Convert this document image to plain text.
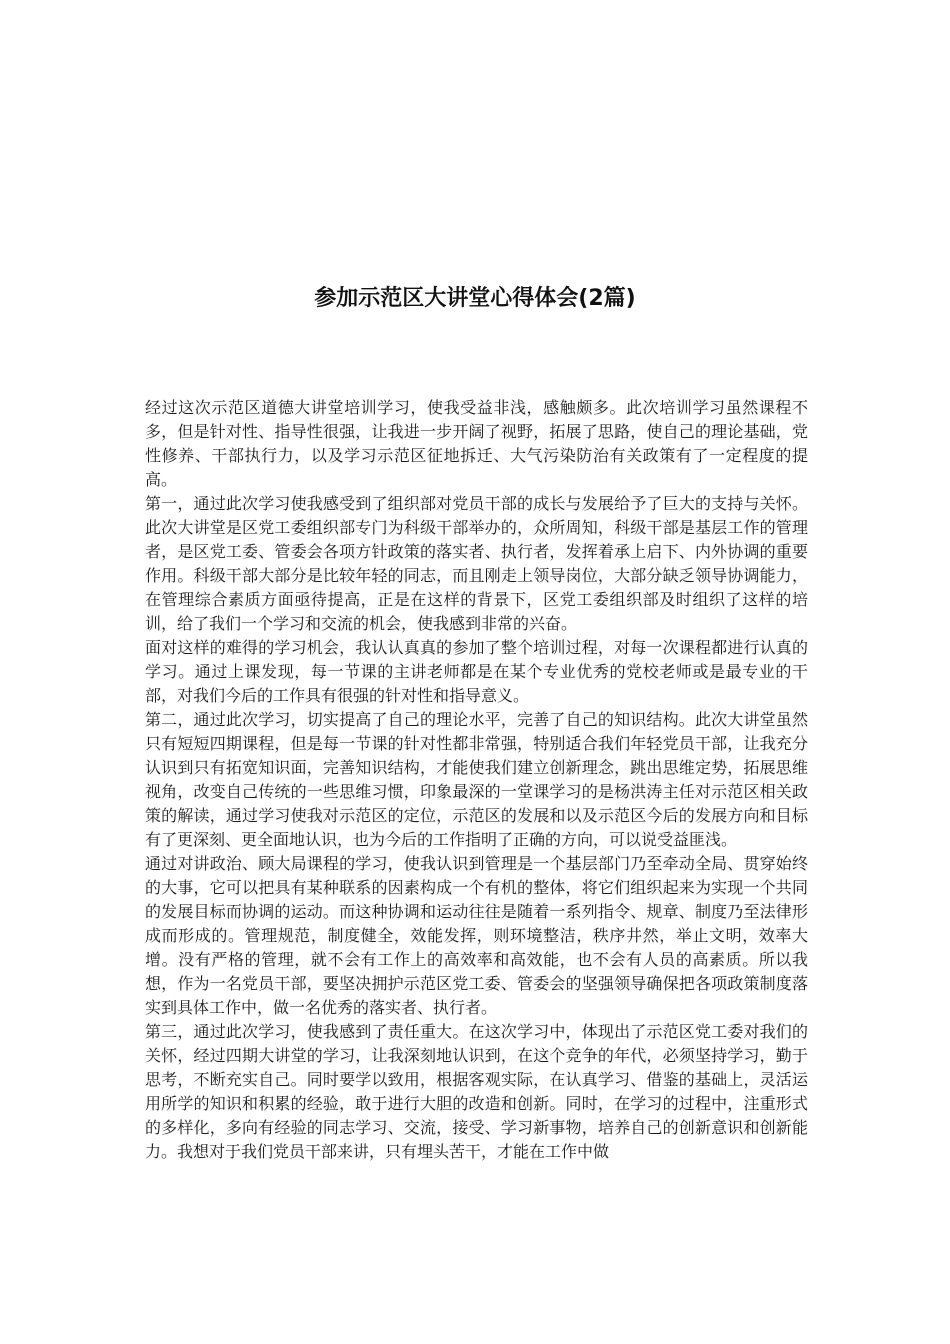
参加示范区大讲堂心得体会(2篇)

经过这次示范区道德大讲堂培训学习，使我受益非浅，感触颇多。此次培训学习虽然课程不多，但是针对性、指导性很强，让我进一步开阔了视野，拓展了思路，使自己的理论基础，党性修养、干部执行力，以及学习示范区征地拆迁、大气污染防治有关政策有了一定程度的提高。

第一，通过此次学习使我感受到了组织部对党员干部的成长与发展给予了巨大的支持与关怀。此次大讲堂是区党工委组织部专门为科级干部举办的，众所周知，科级干部是基层工作的管理者，是区党工委、管委会各项方针政策的落实者、执行者，发挥着承上启下、内外协调的重要作用。科级干部大部分是比较年轻的同志，而且刚走上领导岗位，大部分缺乏领导协调能力，在管理综合素质方面亟待提高，正是在这样的背景下，区党工委组织部及时组织了这样的培训，给了我们一个学习和交流的机会，使我感到非常的兴奋。

面对这样的难得的学习机会，我认认真真的参加了整个培训过程，对每一次课程都进行认真的学习。通过上课发现，每一节课的主讲老师都是在某个专业优秀的党校老师或是最专业的干部，对我们今后的工作具有很强的针对性和指导意义。

第二，通过此次学习，切实提高了自己的理论水平，完善了自己的知识结构。此次大讲堂虽然只有短短四期课程，但是每一节课的针对性都非常强，特别适合我们年轻党员干部，让我充分认识到只有拓宽知识面，完善知识结构，才能使我们建立创新理念，跳出思维定势，拓展思维视角，改变自己传统的一些思维习惯，印象最深的一堂课学习的是杨洪涛主任对示范区相关政策的解读，通过学习使我对示范区的定位，示范区的发展和以及示范区今后的发展方向和目标有了更深刻、更全面地认识，也为今后的工作指明了正确的方向，可以说受益匪浅。

通过对讲政治、顾大局课程的学习，使我认识到管理是一个基层部门乃至牵动全局、贯穿始终的大事，它可以把具有某种联系的因素构成一个有机的整体，将它们组织起来为实现一个共同的发展目标而协调的运动。而这种协调和运动往往是随着一系列指令、规章、制度乃至法律形成而形成的。管理规范，制度健全，效能发挥，则环境整洁，秩序井然，举止文明，效率大增。没有严格的管理，就不会有工作上的高效率和高效能，也不会有人员的高素质。所以我想，作为一名党员干部，要坚决拥护示范区党工委、管委会的坚强领导确保把各项政策制度落实到具体工作中，做一名优秀的落实者、执行者。

第三，通过此次学习，使我感到了责任重大。在这次学习中，体现出了示范区党工委对我们的关怀，经过四期大讲堂的学习，让我深刻地认识到，在这个竞争的年代，必须坚持学习，勤于思考，不断充实自己。同时要学以致用，根据客观实际，在认真学习、借鉴的基础上，灵活运用所学的知识和积累的经验，敢于进行大胆的改造和创新。同时，在学习的过程中，注重形式的多样化，多向有经验的同志学习、交流，接受、学习新事物，培养自己的创新意识和创新能力。我想对于我们党员干部来讲，只有埋头苦干，才能在工作中做
